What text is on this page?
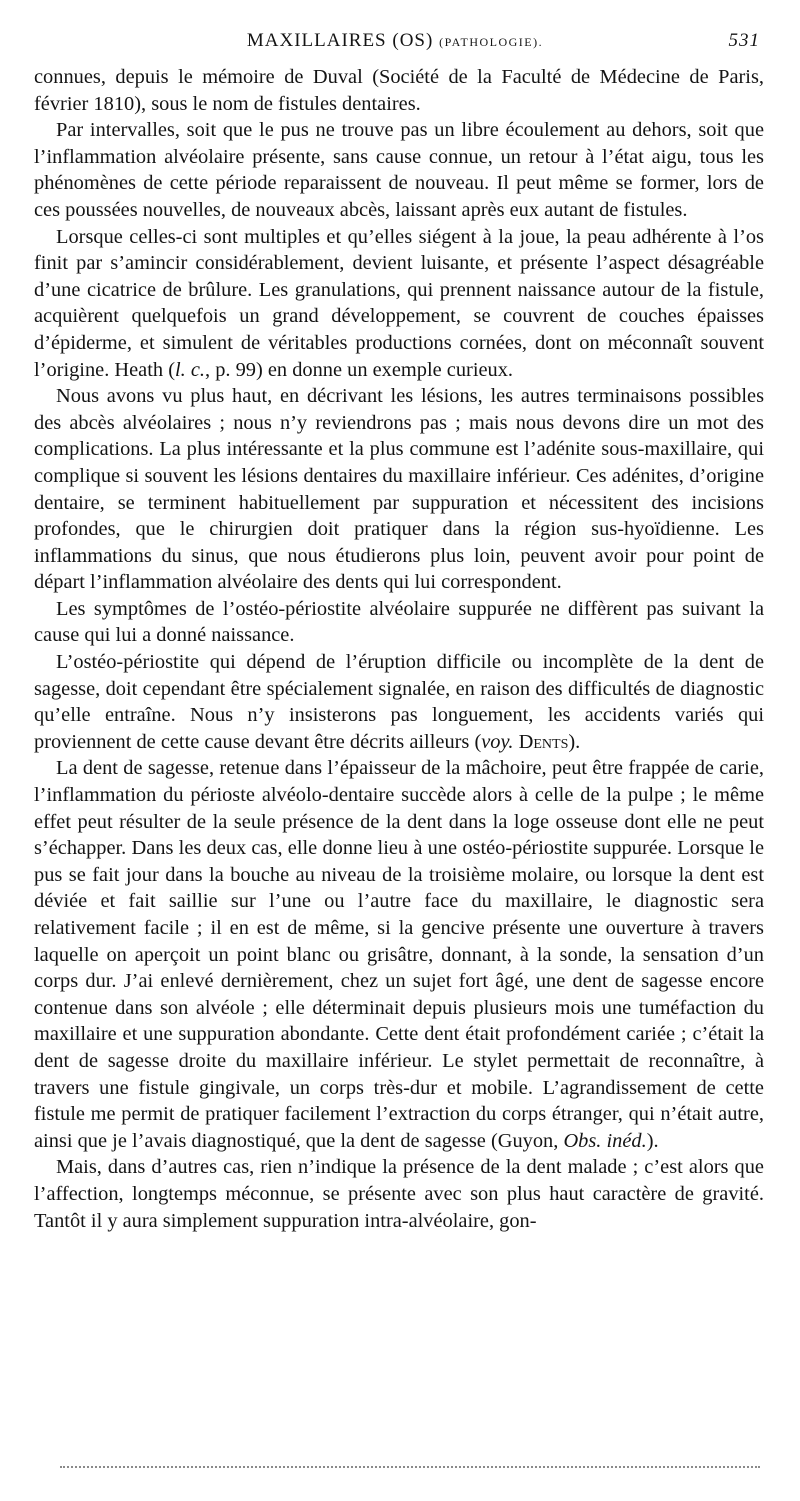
MAXILLAIRES (OS) (PATHOLOGIE).	531

connues, depuis le mémoire de Duval (Société de la Faculté de Médecine de Paris, février 1810), sous le nom de fistules dentaires.

Par intervalles, soit que le pus ne trouve pas un libre écoulement au dehors, soit que l’inflammation alvéolaire présente, sans cause connue, un retour à l’état aigu, tous les phénomènes de cette période reparaissent de nouveau. Il peut même se former, lors de ces poussées nouvelles, de nouveaux abcès, laissant après eux autant de fistules.

Lorsque celles-ci sont multiples et qu’elles siégent à la joue, la peau adhérente à l’os finit par s’amincir considérablement, devient luisante, et présente l’aspect désagréable d’une cicatrice de brûlure. Les granulations, qui prennent naissance autour de la fistule, acquièrent quelquefois un grand développement, se couvrent de couches épaisses d’épiderme, et simulent de véritables productions cornées, dont on méconnaît souvent l’origine. Heath (l. c., p. 99) en donne un exemple curieux.

Nous avons vu plus haut, en décrivant les lésions, les autres terminaisons possibles des abcès alvéolaires ; nous n’y reviendrons pas ; mais nous devons dire un mot des complications. La plus intéressante et la plus commune est l’adénite sous-maxillaire, qui complique si souvent les lésions dentaires du maxillaire inférieur. Ces adénites, d’origine dentaire, se terminent habituellement par suppuration et nécessitent des incisions profondes, que le chirurgien doit pratiquer dans la région sus-hyoïdienne. Les inflammations du sinus, que nous étudierons plus loin, peuvent avoir pour point de départ l’inflammation alvéolaire des dents qui lui correspondent.

Les symptômes de l’ostéo-périostite alvéolaire suppurée ne diffèrent pas suivant la cause qui lui a donné naissance.

L’ostéo-périostite qui dépend de l’éruption difficile ou incomplète de la dent de sagesse, doit cependant être spécialement signalée, en raison des difficultés de diagnostic qu’elle entraîne. Nous n’y insisterons pas longuement, les accidents variés qui proviennent de cette cause devant être décrits ailleurs (voy. Dents).

La dent de sagesse, retenue dans l’épaisseur de la mâchoire, peut être frappée de carie, l’inflammation du périoste alvéolo-dentaire succède alors à celle de la pulpe ; le même effet peut résulter de la seule présence de la dent dans la loge osseuse dont elle ne peut s’échapper. Dans les deux cas, elle donne lieu à une ostéo-périostite suppurée. Lorsque le pus se fait jour dans la bouche au niveau de la troisième molaire, ou lorsque la dent est déviée et fait saillie sur l’une ou l’autre face du maxillaire, le diagnostic sera relativement facile ; il en est de même, si la gencive présente une ouverture à travers laquelle on aperçoit un point blanc ou grisâtre, donnant, à la sonde, la sensation d’un corps dur. J’ai enlevé dernièrement, chez un sujet fort âgé, une dent de sagesse encore contenue dans son alvéole ; elle déterminait depuis plusieurs mois une tuméfaction du maxillaire et une suppuration abondante. Cette dent était profondément cariée ; c’était la dent de sagesse droite du maxillaire inférieur. Le stylet permettait de reconnaître, à travers une fistule gingivale, un corps très-dur et mobile. L’agrandissement de cette fistule me permit de pratiquer facilement l’extraction du corps étranger, qui n’était autre, ainsi que je l’avais diagnostiqué, que la dent de sagesse (Guyon, Obs. inéd.).

Mais, dans d’autres cas, rien n’indique la présence de la dent malade ; c’est alors que l’affection, longtemps méconnue, se présente avec son plus haut caractère de gravité. Tantôt il y aura simplement suppuration intra-alvéolaire, gon-
